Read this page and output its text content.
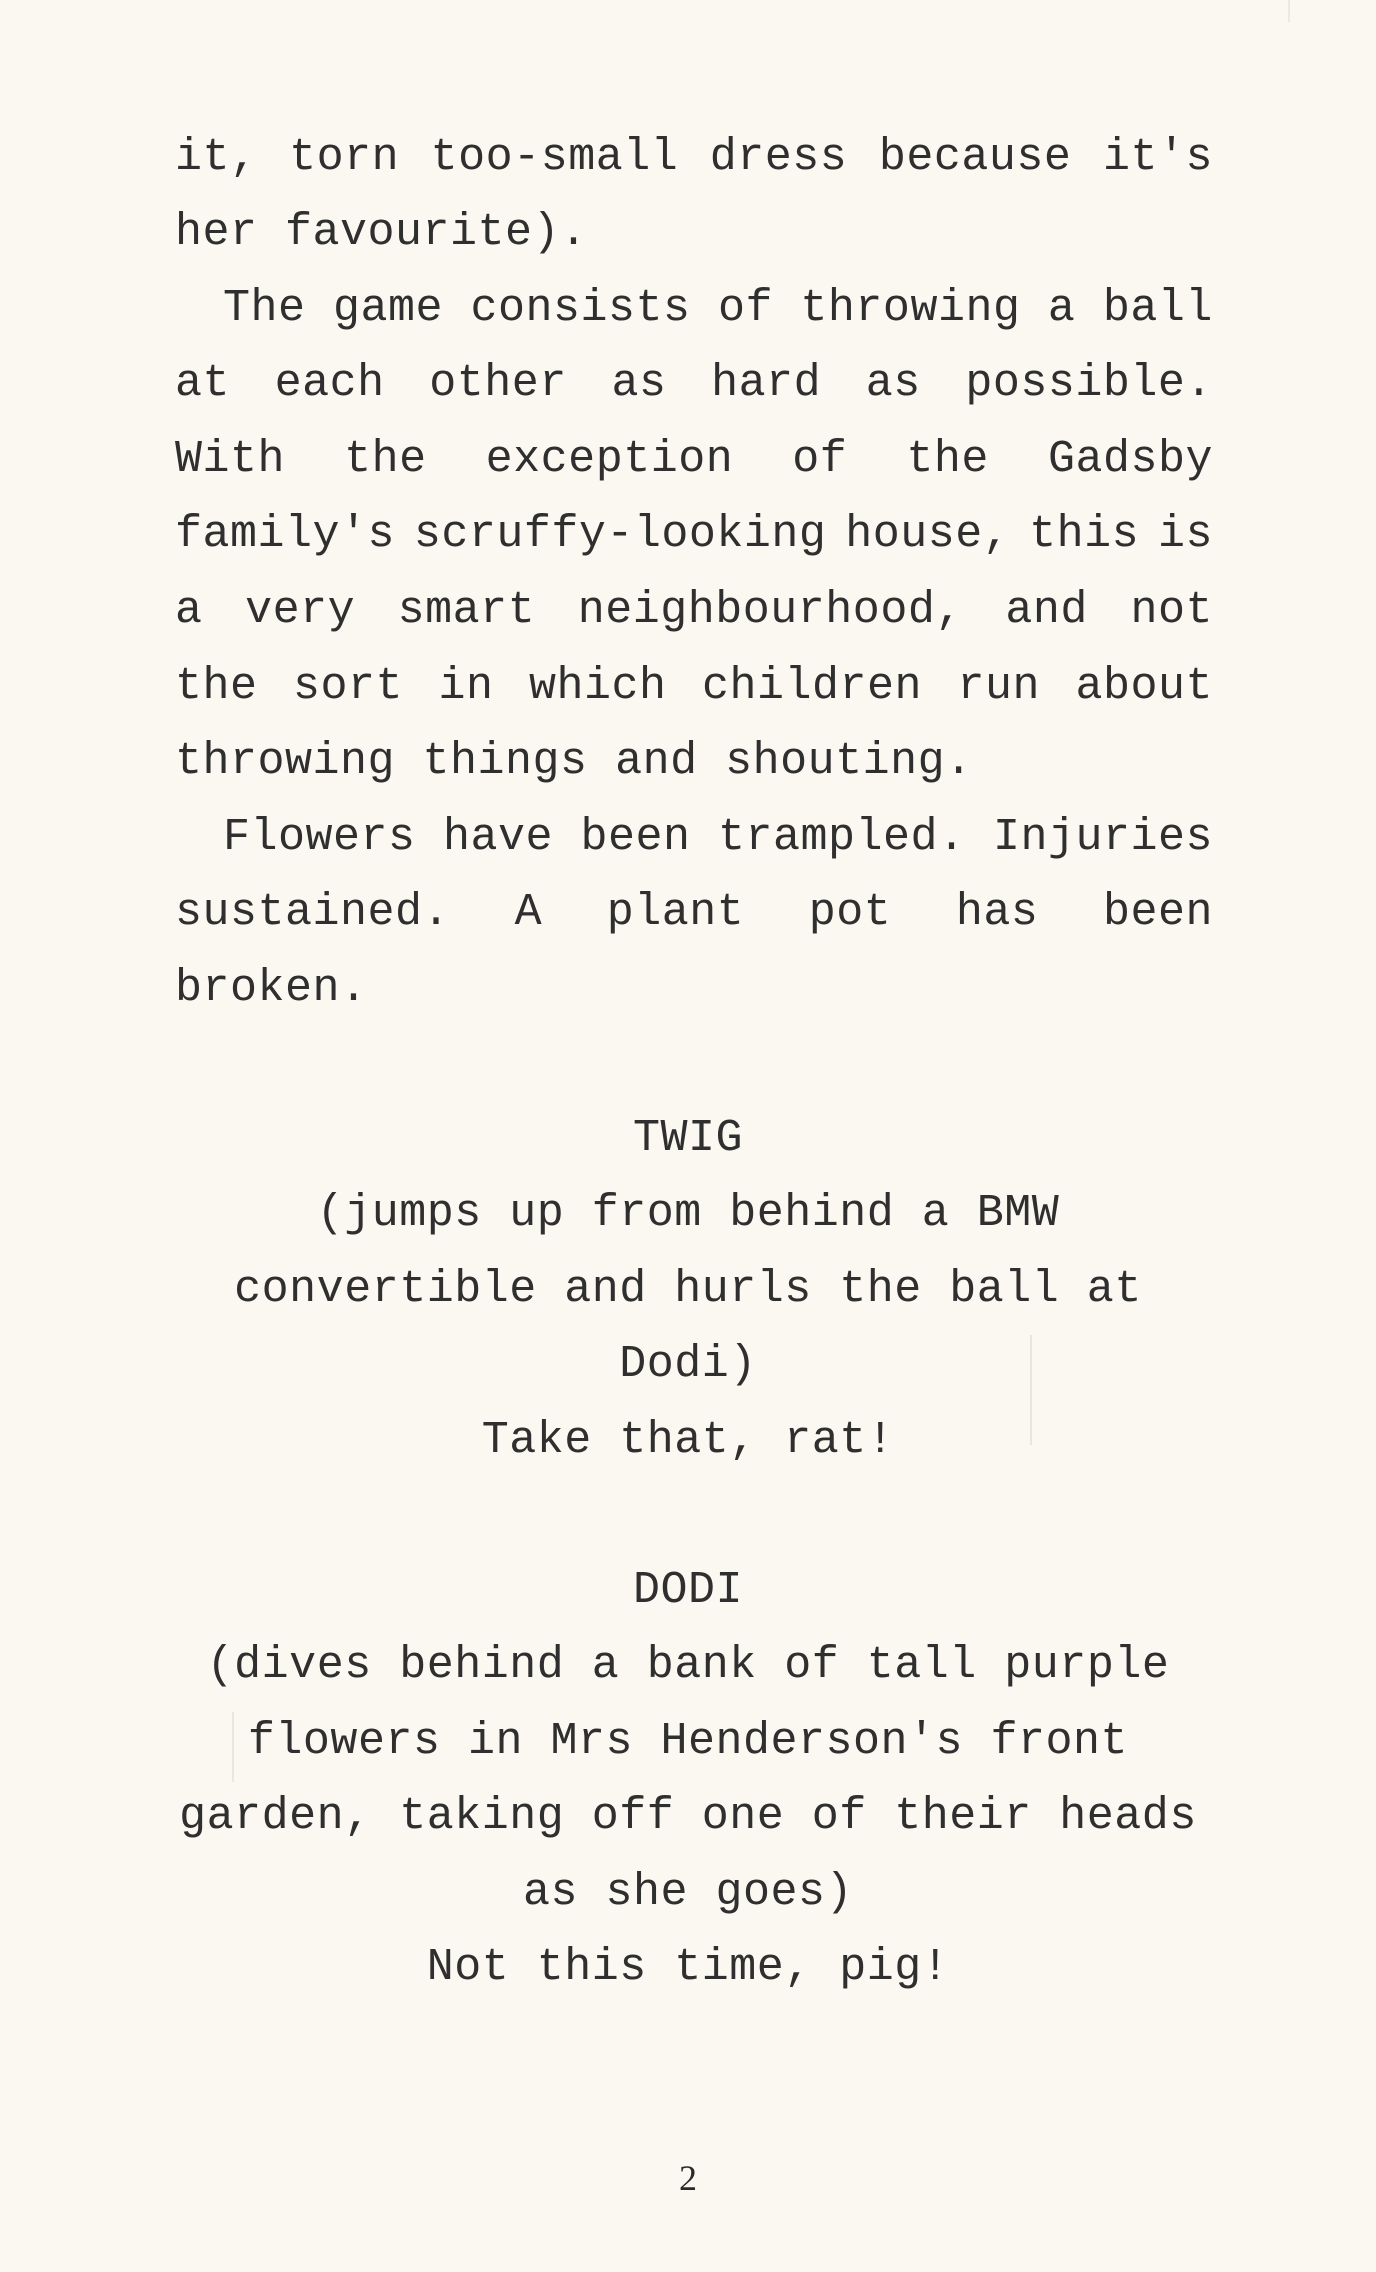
it, torn too-small dress because it's
her favourite).
The game consists of throwing a ball
at each other as hard as possible.
With the exception of the Gadsby
family's scruffy-looking house, this is
a very smart neighbourhood, and not
the sort in which children run about
throwing things and shouting.
Flowers have been trampled. Injuries
sustained. A plant pot has been
broken.
TWIG
(jumps up from behind a BMW
convertible and hurls the ball at
Dodi)
Take that, rat!
DODI
(dives behind a bank of tall purple
flowers in Mrs Henderson's front
garden, taking off one of their heads
as she goes)
Not this time, pig!
2
